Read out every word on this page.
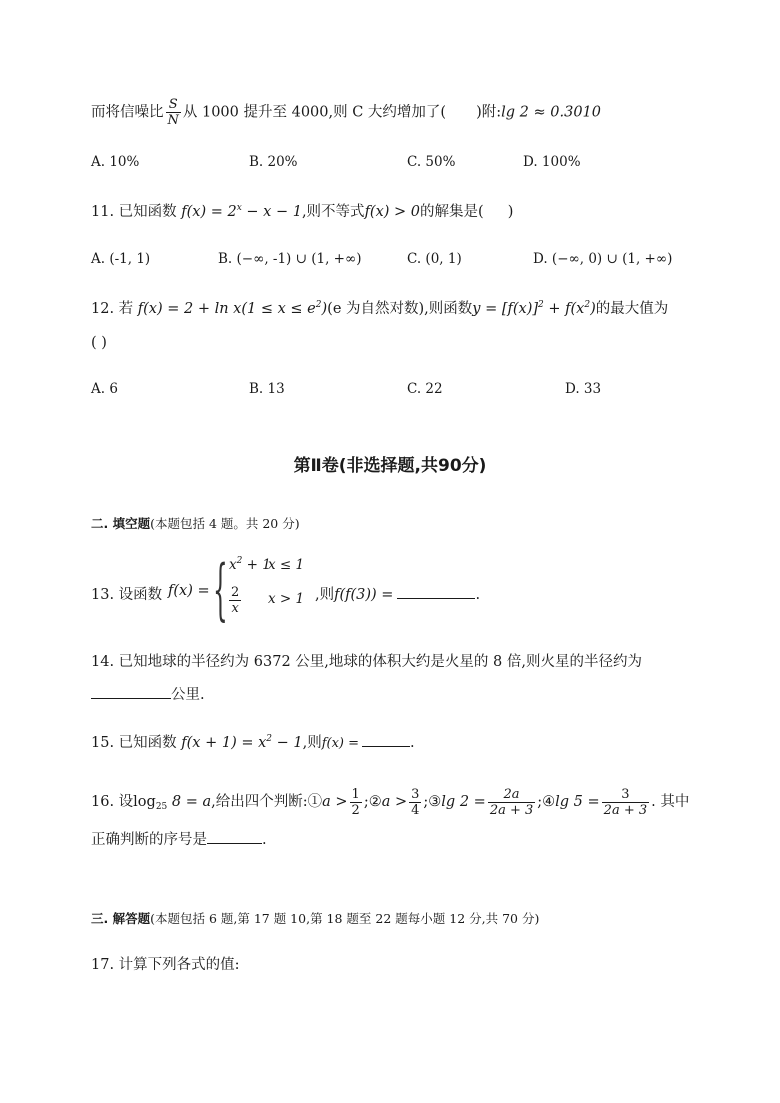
而将信噪比 $\frac{S}{N}$ 从 1000 提升至 4000,则 C 大约增加了( )附:lg 2 ≈ 0.3010
A. 10%	B. 20%	C. 50%	D. 100%
11. 已知函数 $f(x) = 2^x - x - 1$,则不等式f(x) > 0的解集是( )
A. (-1, 1)	B. (−∞, -1) ∪ (1, +∞)	C. (0, 1)	D. (−∞, 0) ∪ (1, +∞)
12. 若 $f(x) = 2 + \ln x(1 \le x \le e^2)(e$ 为自然对数),则函数$y = [f(x)]^2 + f(x^2)$的最大值为
( )
A. 6	B. 13	C. 22	D. 33
第Ⅱ卷(非选择题,共90分)
二. 填空题(本题包括 4 题。共 20 分)
13. 设函数 f(x) = { $x^2 + 1$
x ≤ 1
$\frac{2}{x}$ x > 1 ,则f(f(3)) =	.
14. 已知地球的半径约为 6372 公里,地球的体积大约是火星的 8 倍,则火星的半径约为
公里.
15. 已知函数 $f(x + 1) = x^2 - 1$,则f(x) =	.
16. 设$\log_{25} 8 = a$,给出四个判断:①a > $\frac{1}{2}$ ;②a > $\frac{3}{4}$ ;③lg $2 = \frac{2a}{2a + 3}$ ;④lg $5 = \frac{3}{2a + 3}$ . 其中
正确判断的序号是	.
三. 解答题(本题包括 6 题,第 17 题 10,第 18 题至 22 题每小题 12 分,共 70 分)
17. 计算下列各式的值:
